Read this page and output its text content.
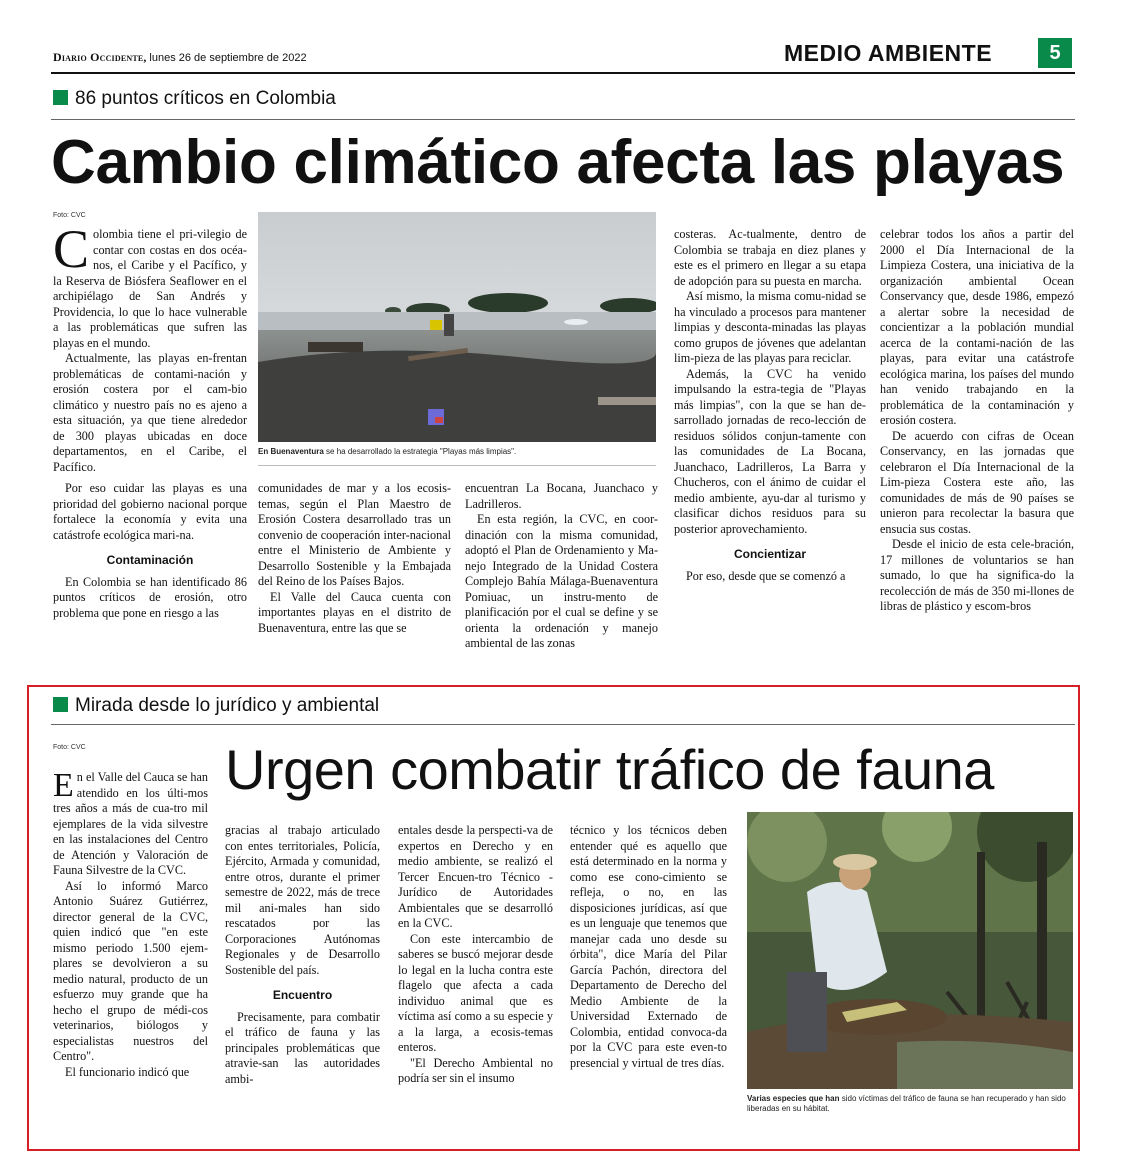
Diario Occidente, lunes 26 de septiembre de 2022	MEDIO AMBIENTE	5
86 puntos críticos en Colombia
Cambio climático afecta las playas
Foto: CVC
En Buenaventura se ha desarrollado la estrategia "Playas más limpias".

Colombia tiene el pri-vilegio de contar con costas en dos océa-nos, el Caribe y el Pacífico, y la Reserva de Biósfera Seaflower en el archipiélago de San Andrés y Providencia, lo que lo hace vulnerable a las problemáticas que sufren las playas en el mundo.

Actualmente, las playas en-frentan problemáticas de contami-nación y erosión costera por el cam-bio climático y nuestro país no es ajeno a esta situación, ya que tiene alrededor de 300 playas ubicadas en doce departamentos, en el Caribe, el Pacífico.

Por eso cuidar las playas es una prioridad del gobierno nacional porque fortalece la economía y evita una catástrofe ecológica mari-na.

Contaminación

En Colombia se han identificado 86 puntos críticos de erosión, otro problema que pone en riesgo a las

comunidades de mar y a los ecosis-temas, según el Plan Maestro de Erosión Costera desarrollado tras un convenio de cooperación inter-nacional entre el Ministerio de Ambiente y Desarrollo Sostenible y la Embajada del Reino de los Países Bajos.

El Valle del Cauca cuenta con importantes playas en el distrito de Buenaventura, entre las que se

encuentran La Bocana, Juanchaco y Ladrilleros.

En esta región, la CVC, en coor-dinación con la misma comunidad, adoptó el Plan de Ordenamiento y Ma-nejo Integrado de la Unidad Costera Complejo Bahía Málaga-Buenaventura Pomiuac, un instru-mento de planificación por el cual se define y se orienta la ordenación y manejo ambiental de las zonas

costeras. Ac-tualmente, dentro de Colombia se trabaja en diez planes y este es el primero en llegar a su etapa de adopción para su puesta en marcha.

Así mismo, la misma comu-nidad se ha vinculado a procesos para mantener limpias y desconta-minadas las playas como grupos de jóvenes que adelantan lim-pieza de las playas para reciclar.

Además, la CVC ha venido impulsando la estra-tegia de "Playas más limpias", con la que se han de-sarrollado jornadas de reco-lección de residuos sólidos conjun-tamente con las comunidades de La Bocana, Juanchaco, Ladrilleros, La Barra y Chucheros, con el ánimo de cuidar el medio ambiente, ayu-dar al turismo y clasificar dichos residuos para su posterior aprovechamiento.

Concientizar

Por eso, desde que se comenzó a

celebrar todos los años a partir del 2000 el Día Internacional de la Limpieza Costera, una iniciativa de la organización ambiental Ocean Conservancy que, desde 1986, empezó a alertar sobre la necesidad de concientizar a la población mundial acerca de la contami-nación de las playas, para evitar una catástrofe ecológica marina, los países del mundo han venido trabajando en la problemática de la contaminación y erosión costera.

De acuerdo con cifras de Ocean Conservancy, en las jornadas que celebraron el Día Internacional de la Lim-pieza Costera este año, las comunidades de más de 90 países se unieron para recolectar la basura que ensucia sus costas.

Desde el inicio de esta cele-bración, 17 millones de voluntarios se han sumado, lo que ha significa-do la recolección de más de 350 mi-llones de libras de plástico y escom-bros

Mirada desde lo jurídico y ambiental
Foto: CVC Urgen combatir tráfico de fauna
Varias especies que han sido víctimas del tráfico de fauna se han recuperado y han sido liberadas en su hábitat.

En el Valle del Cauca se han atendido en los últi-mos tres años a más de cua-tro mil ejemplares de la vida silvestre en las instalaciones del Centro de Atención y Valoración de Fauna Silvestre de la CVC.

Así lo informó Marco Antonio Suárez Gutiérrez, director general de la CVC, quien indicó que "en este mismo periodo 1.500 ejem-plares se devolvieron a su medio natural, producto de un esfuerzo muy grande que ha hecho el grupo de médi-cos veterinarios, biólogos y especialistas nuestros del Centro".

El funcionario indicó que

gracias al trabajo articulado con entes territoriales, Policía, Ejército, Armada y comunidad, entre otros, durante el primer semestre de 2022, más de trece mil ani-males han sido rescatados por las Corporaciones Autónomas Regionales y de Desarrollo Sostenible del país.

Encuentro

Precisamente, para combatir el tráfico de fauna y las principales problemáticas que atravie-san las autoridades ambi-

entales desde la perspecti-va de expertos en Derecho y en medio ambiente, se realizó el Tercer Encuen-tro Técnico - Jurídico de Autoridades Ambientales que se desarrolló en la CVC.

Con este intercambio de saberes se buscó mejorar desde lo legal en la lucha contra este flagelo que afecta a cada individuo animal que es víctima así como a su especie y a la larga, a ecosis-temas enteros.

"El Derecho Ambiental no podría ser sin el insumo

técnico y los técnicos deben entender qué es aquello que está determinado en la norma y como ese cono-cimiento se refleja, o no, en las disposiciones jurídicas, así que es un lenguaje que tenemos que manejar cada uno desde su órbita", dice María del Pilar García Pachón, directora del Departamento de Derecho del Medio Ambiente de la Universidad Externado de Colombia, entidad convoca-da por la CVC para este even-to presencial y virtual de tres días.
